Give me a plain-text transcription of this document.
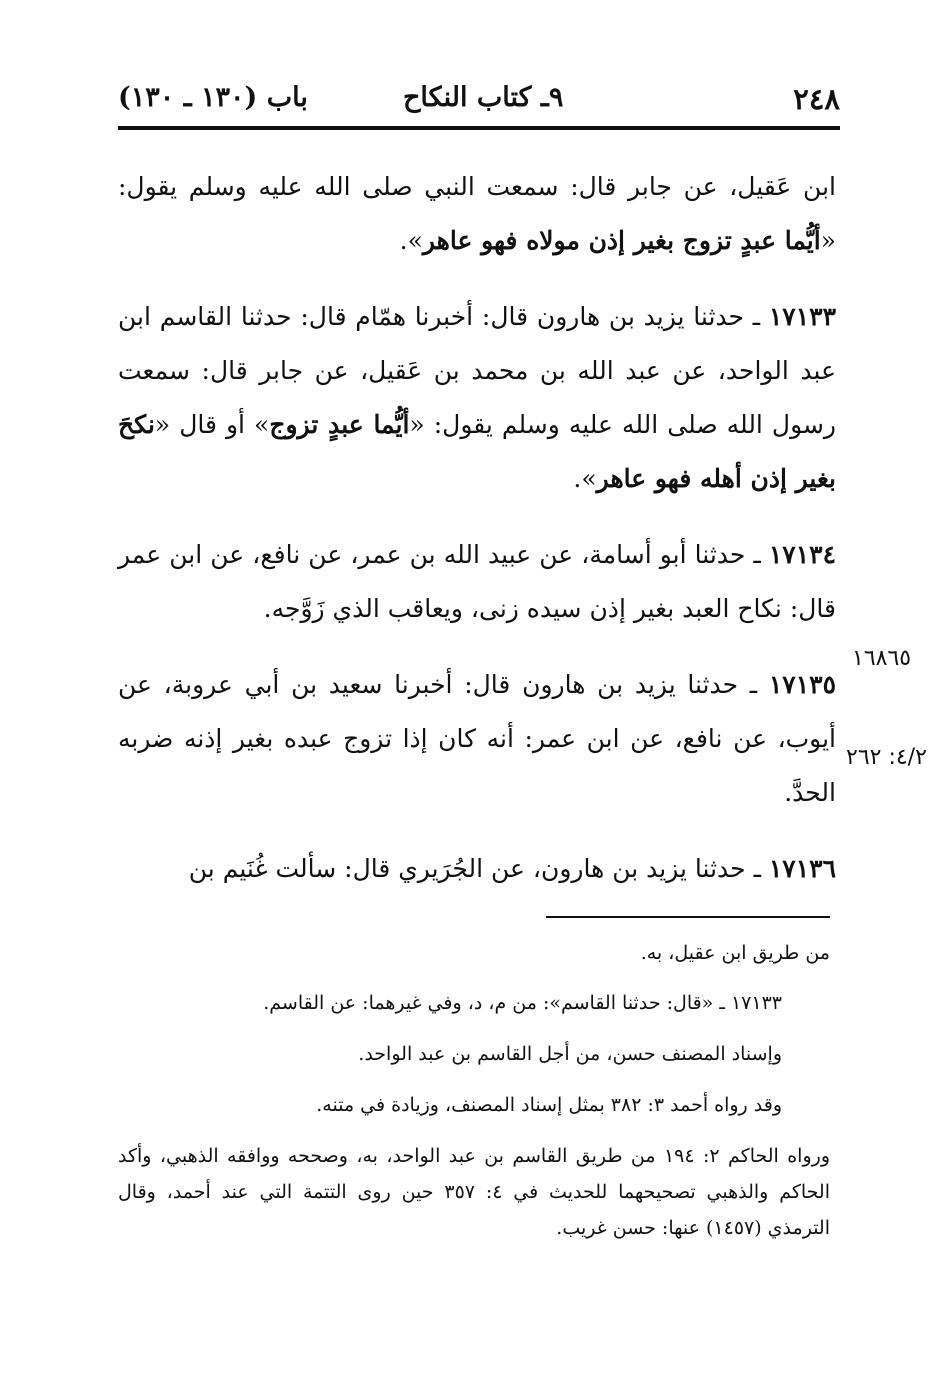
٢٤٨
٩ـ كتاب النكاح
باب (١٣٠ ـ ١٣٠)

ابن عَقيل، عن جابر قال: سمعت النبي صلى الله عليه وسلم يقول: «أيُّما عبدٍ تزوج بغير إذن مولاه فهو عاهر».

١٧١٣٣ ـ حدثنا يزيد بن هارون قال: أخبرنا همّام قال: حدثنا القاسم ابن عبد الواحد، عن عبد الله بن محمد بن عَقيل، عن جابر قال: سمعت رسول الله صلى الله عليه وسلم يقول: «أيُّما عبدٍ تزوج» أو قال «نكحَ بغير إذن أهله فهو عاهر».

١٧١٣٤ ـ حدثنا أبو أسامة، عن عبيد الله بن عمر، عن نافع، عن ابن عمر قال: نكاح العبد بغير إذن سيده زنى، ويعاقب الذي زَوَّجه.

١٧١٣٥ ـ حدثنا يزيد بن هارون قال: أخبرنا سعيد بن أبي عروبة، عن أيوب، عن نافع، عن ابن عمر: أنه كان إذا تزوج عبده بغير إذنه ضربه الحدَّ.

١٧١٣٦ ـ حدثنا يزيد بن هارون، عن الجُرَيري قال: سألت غُنَيم بن

١٦٨٦٥
٤/٢: ٢٦٢

من طريق ابن عقيل، به.

١٧١٣٣ ـ «قال: حدثنا القاسم»: من م، د، وفي غيرهما: عن القاسم.

وإسناد المصنف حسن، من أجل القاسم بن عبد الواحد.

وقد رواه أحمد ٣: ٣٨٢ بمثل إسناد المصنف، وزيادة في متنه.

ورواه الحاكم ٢: ١٩٤ من طريق القاسم بن عبد الواحد، به، وصححه ووافقه الذهبي، وأكد الحاكم والذهبي تصحيحهما للحديث في ٤: ٣٥٧ حين روى التتمة التي عند أحمد، وقال الترمذي (١٤٥٧) عنها: حسن غريب.
